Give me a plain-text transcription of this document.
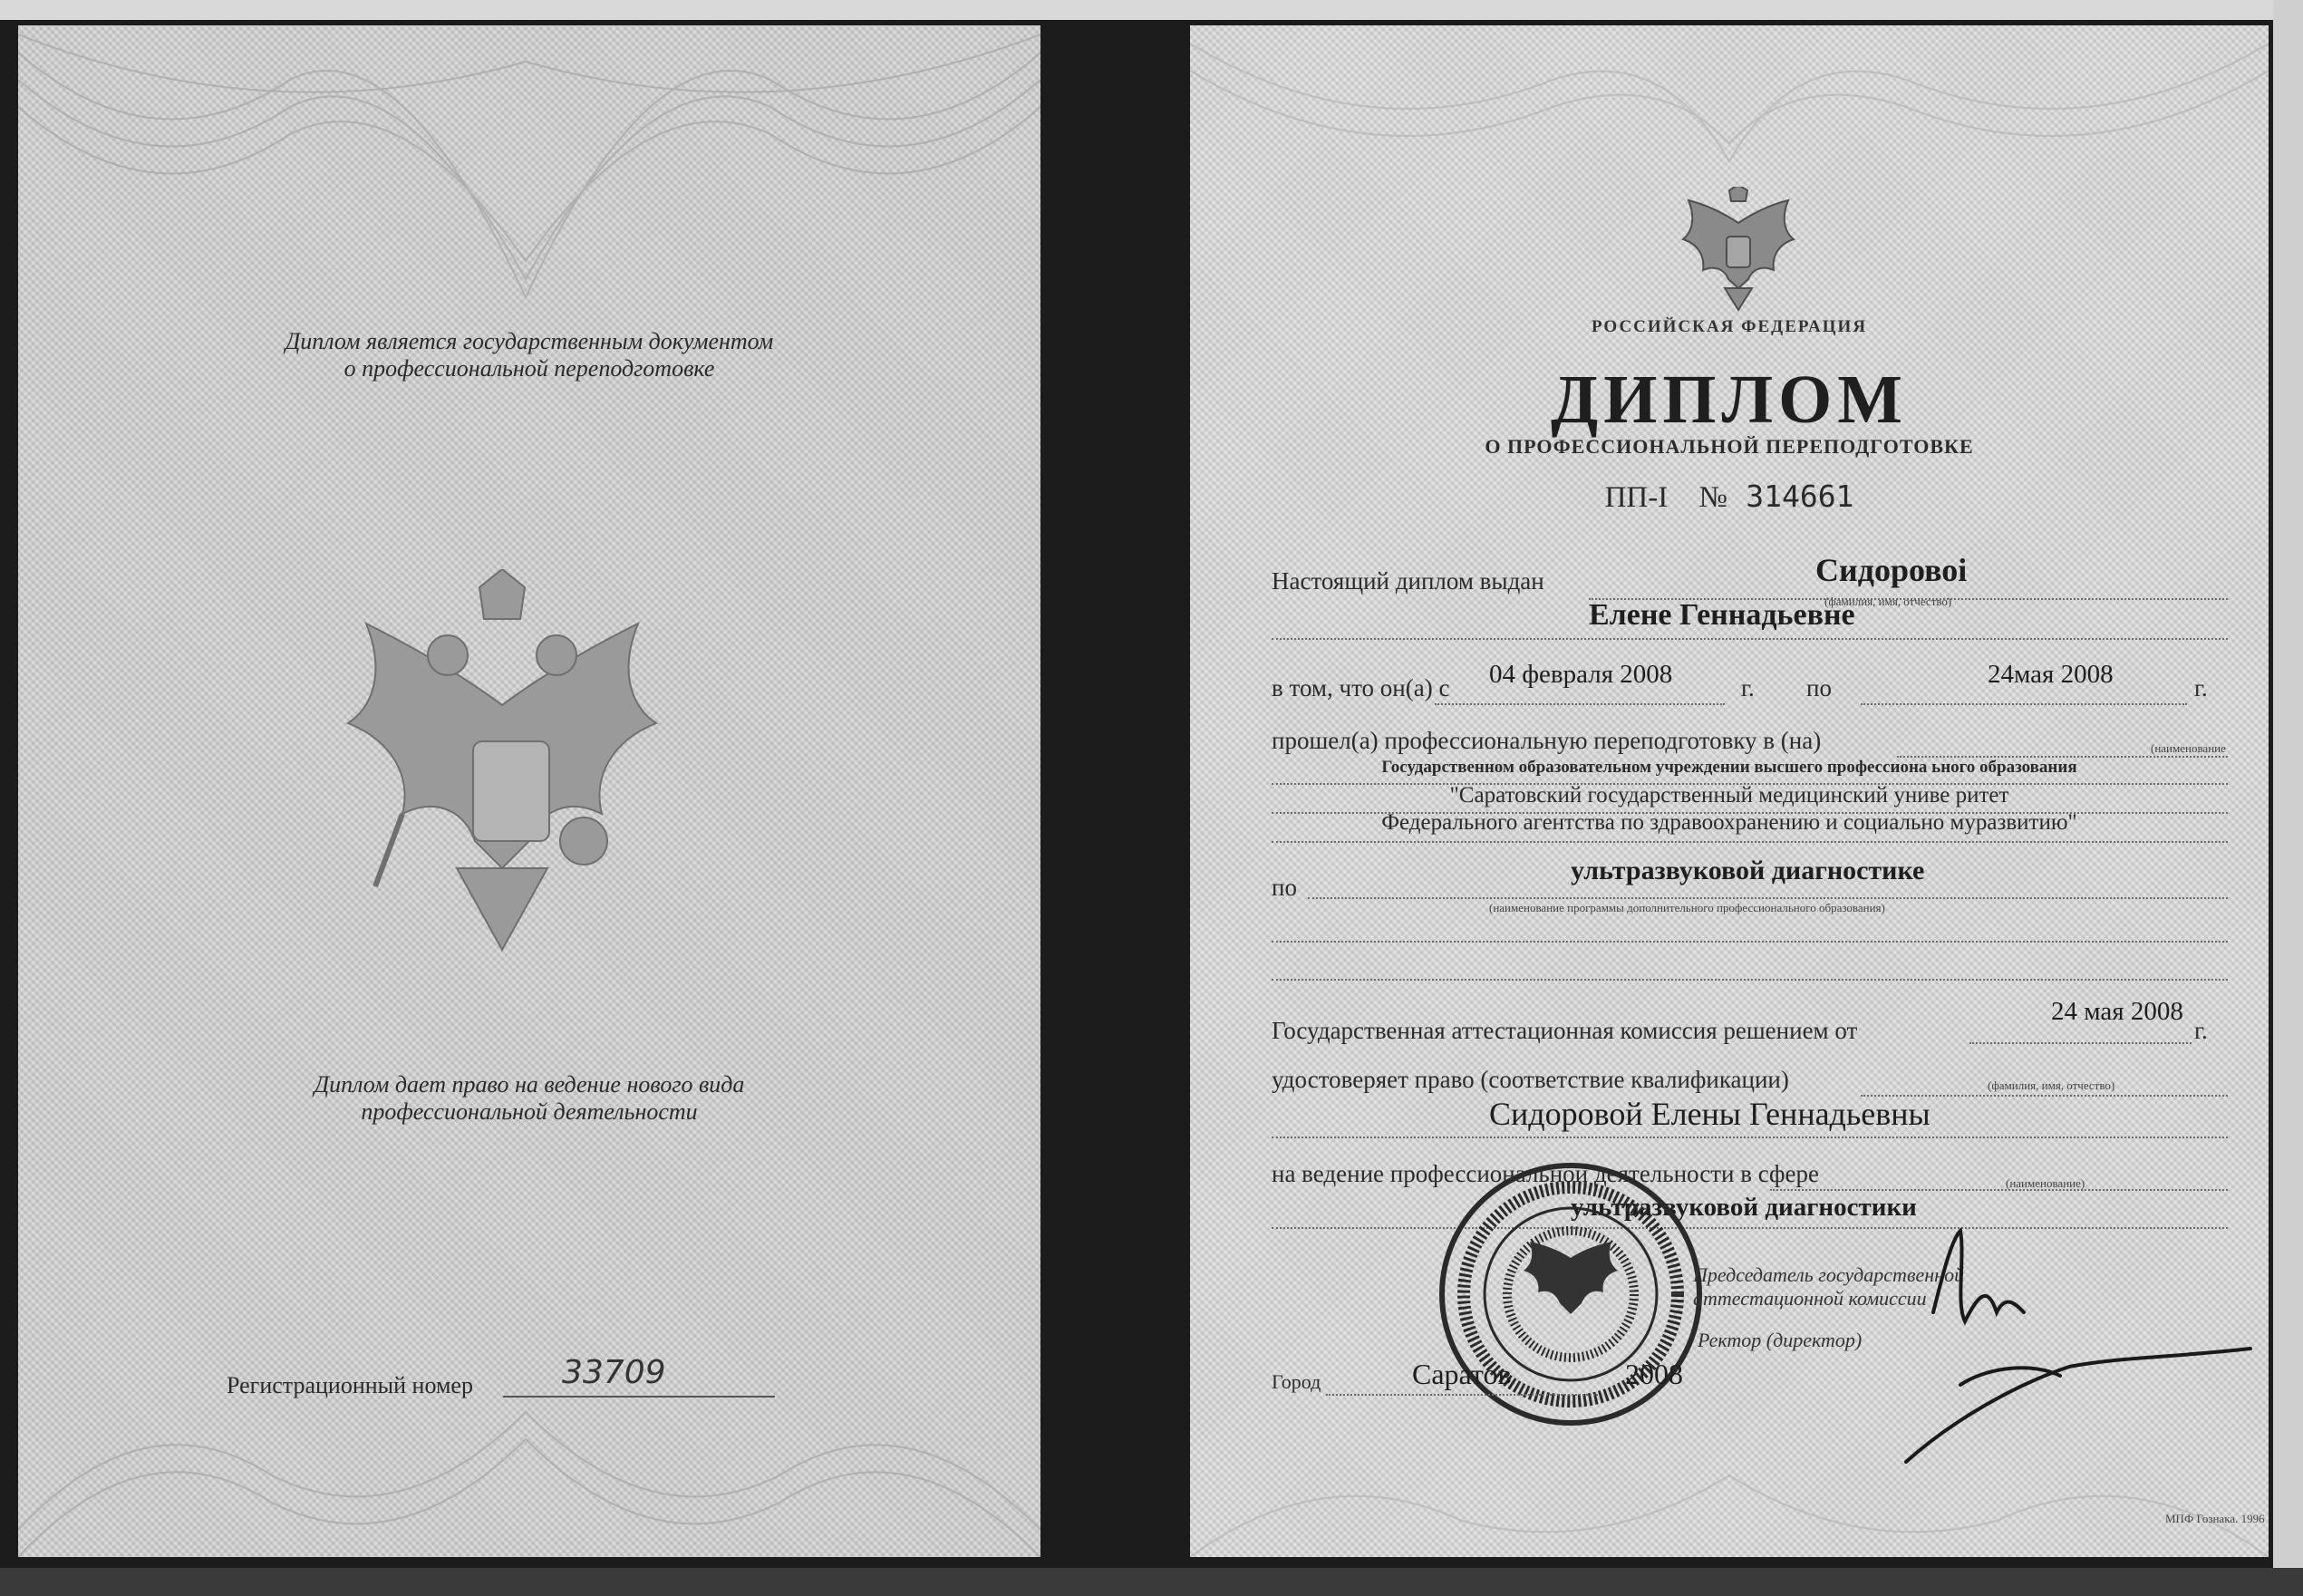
Диплом является государственным документом
о профессиональной переподготовке
Диплом дает право на ведение нового вида
профессиональной деятельности
Регистрационный номер	33709
РОССИЙСКАЯ ФЕДЕРАЦИЯ
ДИПЛОМ
О ПРОФЕССИОНАЛЬНОЙ ПЕРЕПОДГОТОВКЕ
ПП-I № 314661
Настоящий диплом выдан	Сидоровоі
(фамилия, имя, отчество)
Елене Геннадьевне
в том, что он(а) с 04 февраля 2008	г. по	24мая 2008	г.
прошел(а) профессиональную переподготовку в (на)	(наименование
Государственном образовательном учреждении высшего профессиона ьного образования
"Саратовский государственный медицинский униве ритет
Федерального агентства по здравоохранению и социально муразвитию"
по
ультразвуковой диагностике
(наименование программы дополнительного профессионального образования)
Государственная аттестационная комиссия решением от
24 мая 2008
г.
удостоверяет право (соответствие квалификации)	(фамилия, имя, отчество)
Сидоровой Елены Геннадьевны
на ведение профессиональной деятельности в сфере	(наименование)
ультразвуковой диагностики
Председатель государственной
аттестационной комиссии
Ректор (директор)
Город	Саратов	2008
МПФ Гознака. 1996
